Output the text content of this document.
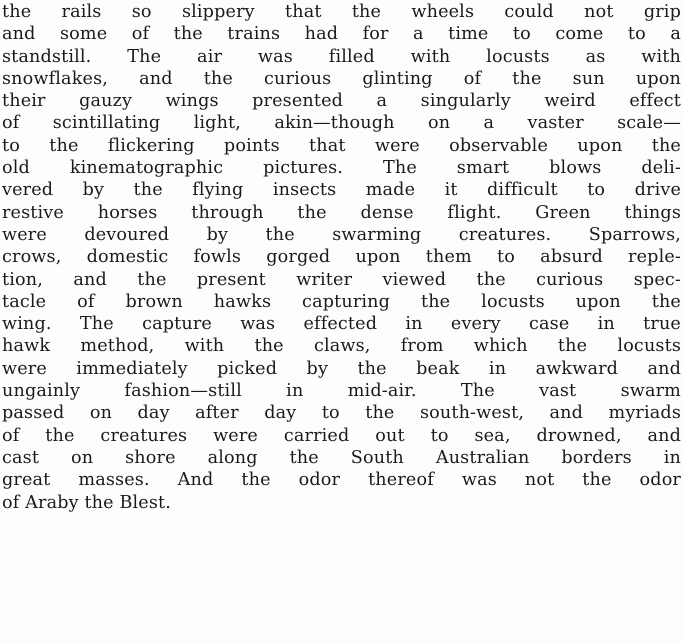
the rails so slippery that the wheels could not grip
and some of the trains had for a time to come to a
standstill. The air was filled with locusts as with
snowflakes, and the curious glinting of the sun upon
their gauzy wings presented a singularly weird effect
of scintillating light, akin—though on a vaster scale—
to the flickering points that were observable upon the
old kinematographic pictures. The smart blows deli-
vered by the flying insects made it difficult to drive
restive horses through the dense flight. Green things
were devoured by the swarming creatures. Sparrows,
crows, domestic fowls gorged upon them to absurd reple-
tion, and the present writer viewed the curious spec-
tacle of brown hawks capturing the locusts upon the
wing. The capture was effected in every case in true
hawk method, with the claws, from which the locusts
were immediately picked by the beak in awkward and
ungainly fashion—still in mid-air. The vast swarm
passed on day after day to the south-west, and myriads
of the creatures were carried out to sea, drowned, and
cast on shore along the South Australian borders in
great masses. And the odor thereof was not the odor
of Araby the Blest.
